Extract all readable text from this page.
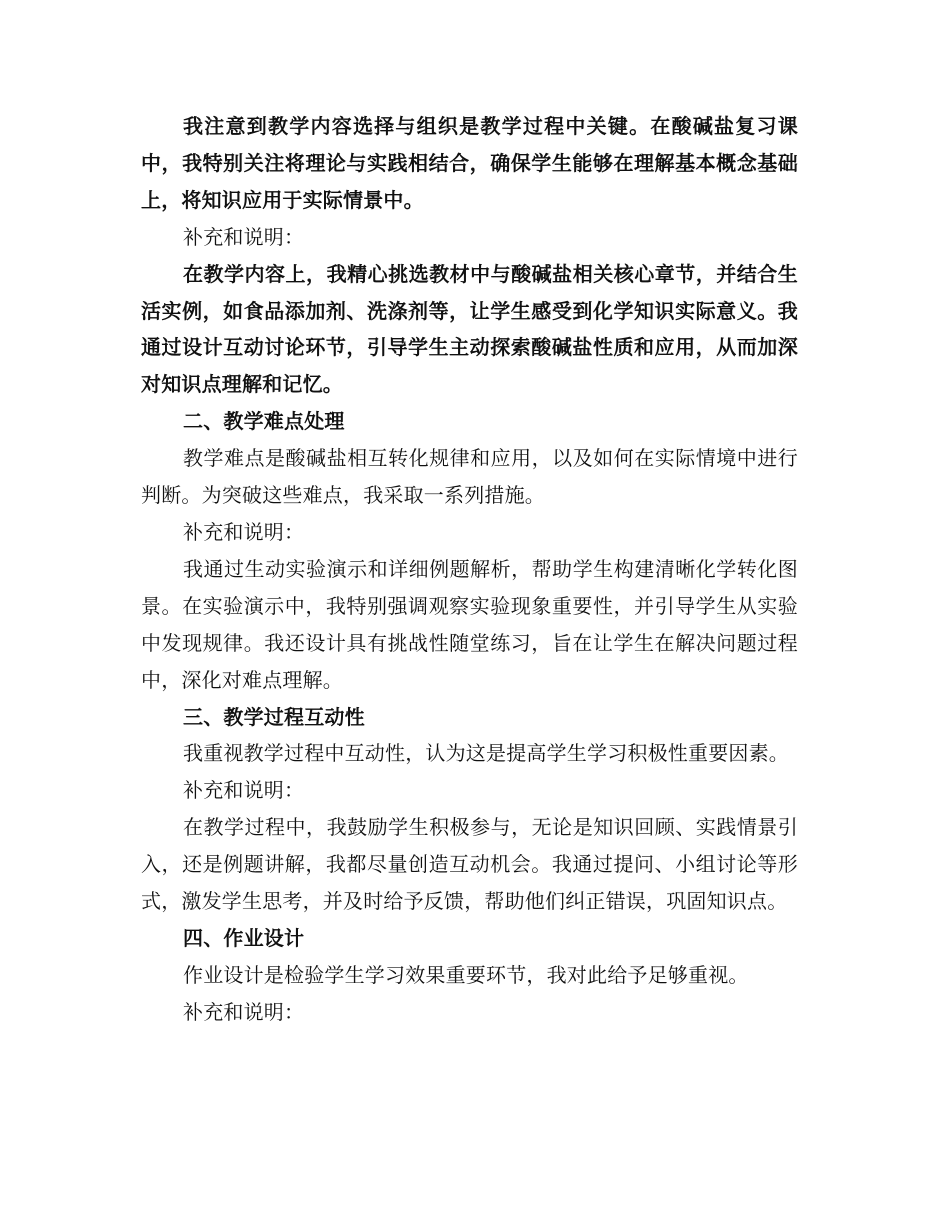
我注意到教学内容选择与组织是教学过程中关键。在酸碱盐复习课中，我特别关注将理论与实践相结合，确保学生能够在理解基本概念基础上，将知识应用于实际情景中。

补充和说明：

在教学内容上，我精心挑选教材中与酸碱盐相关核心章节，并结合生活实例，如食品添加剂、洗涤剂等，让学生感受到化学知识实际意义。我通过设计互动讨论环节，引导学生主动探索酸碱盐性质和应用，从而加深对知识点理解和记忆。

二、教学难点处理

教学难点是酸碱盐相互转化规律和应用，以及如何在实际情境中进行判断。为突破这些难点，我采取一系列措施。

补充和说明：

我通过生动实验演示和详细例题解析，帮助学生构建清晰化学转化图景。在实验演示中，我特别强调观察实验现象重要性，并引导学生从实验中发现规律。我还设计具有挑战性随堂练习，旨在让学生在解决问题过程中，深化对难点理解。

三、教学过程互动性

我重视教学过程中互动性，认为这是提高学生学习积极性重要因素。

补充和说明：

在教学过程中，我鼓励学生积极参与，无论是知识回顾、实践情景引入，还是例题讲解，我都尽量创造互动机会。我通过提问、小组讨论等形式，激发学生思考，并及时给予反馈，帮助他们纠正错误，巩固知识点。

四、作业设计

作业设计是检验学生学习效果重要环节，我对此给予足够重视。

补充和说明：
